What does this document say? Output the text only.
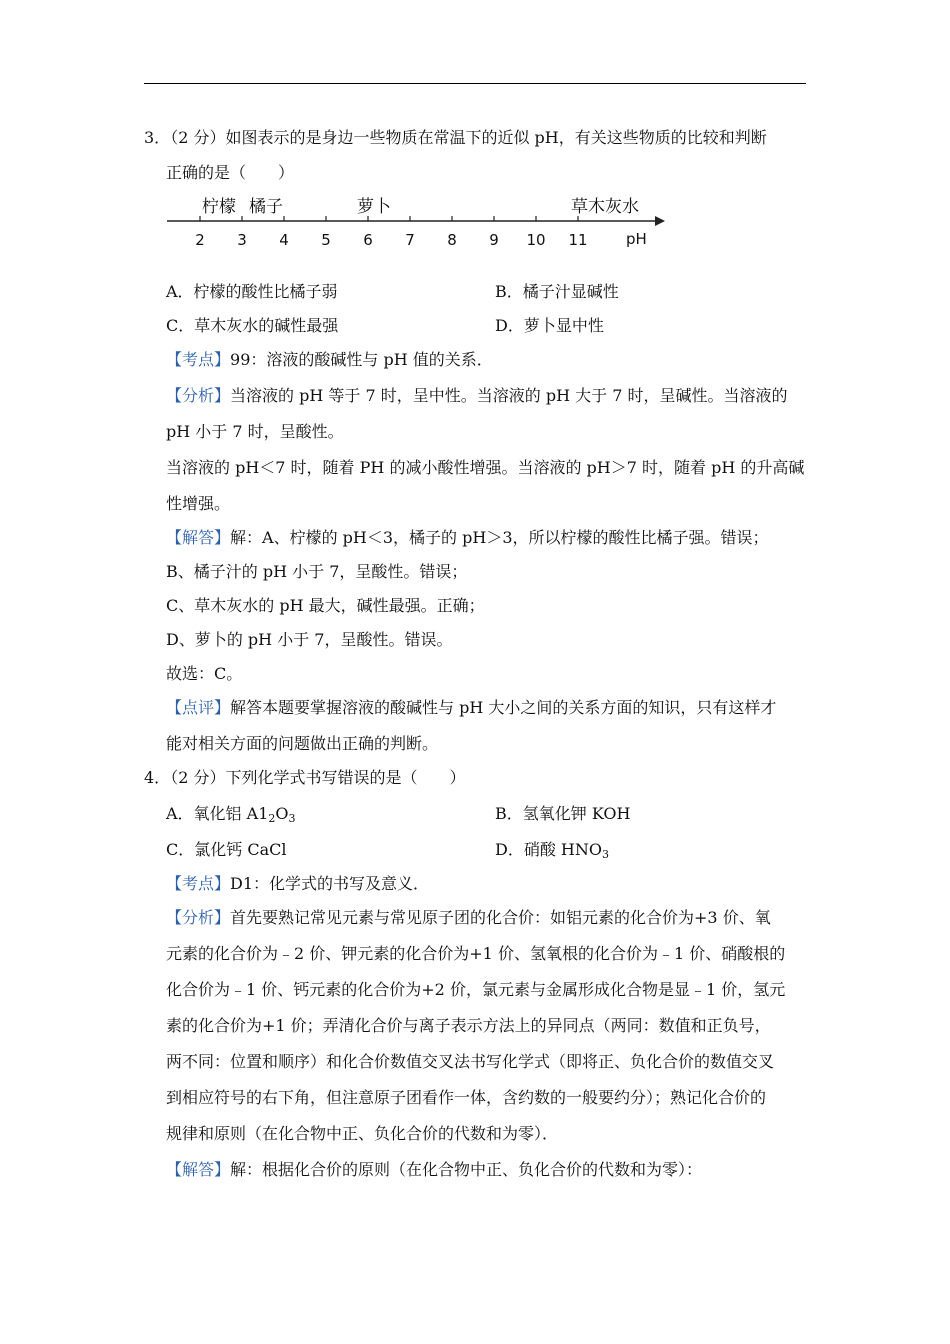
3．（2 分）如图表示的是身边一些物质在常温下的近似 pH，有关这些物质的比较和判断
正确的是（　　）
2 3 4 5 6 7 8 9 10 11
柠檬 橘子	萝卜	草木灰水
pH
A．柠檬的酸性比橘子弱	B．橘子汁显碱性
C．草木灰水的碱性最强	D．萝卜显中性
【考点】99：溶液的酸碱性与 pH 值的关系．
【分析】当溶液的 pH 等于 7 时，呈中性。当溶液的 pH 大于 7 时，呈碱性。当溶液的
pH 小于 7 时，呈酸性。
当溶液的 pH＜7 时，随着 PH 的减小酸性增强。当溶液的 pH＞7 时，随着 pH 的升高碱
性增强。
【解答】解：A、柠檬的 pH＜3，橘子的 pH＞3，所以柠檬的酸性比橘子强。错误；
B、橘子汁的 pH 小于 7，呈酸性。错误；
C、草木灰水的 pH 最大，碱性最强。正确；
D、萝卜的 pH 小于 7，呈酸性。错误。
故选：C。
【点评】解答本题要掌握溶液的酸碱性与 pH 大小之间的关系方面的知识，只有这样才
能对相关方面的问题做出正确的判断。
4．（2 分）下列化学式书写错误的是（　　）
A．氧化铝 $A1_2O_3$	B．氢氧化钾 KOH
C．氯化钙 CaCl	D．硝酸 $HNO_3$
【考点】D1：化学式的书写及意义．
【分析】首先要熟记常见元素与常见原子团的化合价：如铝元素的化合价为+3 价、氧
元素的化合价为﹣2 价、钾元素的化合价为+1 价、氢氧根的化合价为﹣1 价、硝酸根的
化合价为﹣1 价、钙元素的化合价为+2 价，氯元素与金属形成化合物是显﹣1 价，氢元
素的化合价为+1 价；弄清化合价与离子表示方法上的异同点（两同：数值和正负号，
两不同：位置和顺序）和化合价数值交叉法书写化学式（即将正、负化合价的数值交叉
到相应符号的右下角，但注意原子团看作一体，含约数的一般要约分）；熟记化合价的
规律和原则（在化合物中正、负化合价的代数和为零）．
【解答】解：根据化合价的原则（在化合物中正、负化合价的代数和为零）：
